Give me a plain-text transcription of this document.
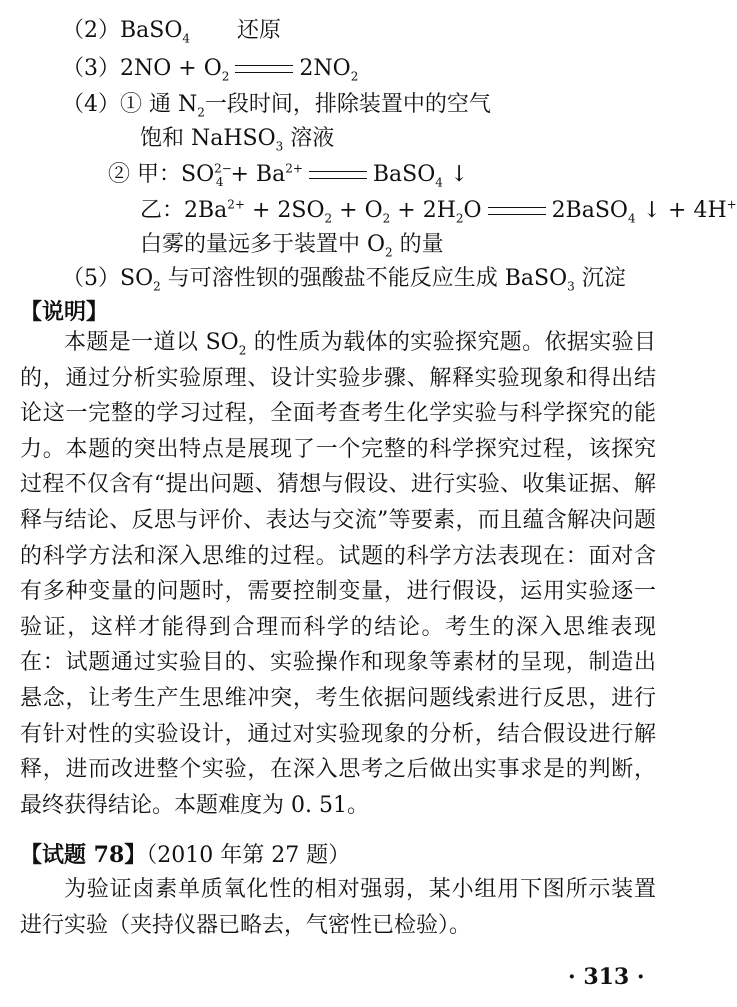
（2）BaSO$_4$ 还原
$(3)2NO + O_2$	$2NO_2$
（4）① 通 $N_2$一段时间，排除装置中的空气
饱和 NaHSO$_3$ 溶液
② 甲：$SO^{2-}_4 + Ba^{2+}$	BaSO$_4$ ↓
乙：$2Ba^{2+} + 2SO_2 + O_2 + 2H_2O$	2BaSO$_4$ ↓ + 4H+
白雾的量远多于装置中 $O_2$ 的量
$(5)SO_2$ 与可溶性钡的强酸盐不能反应生成 BaSO$_3$ 沉淀
【说明】
本题是一道以 $SO_2$ 的性质为载体的实验探究题。依据实验目的，通过分析实验原理、设计实验步骤、解释实验现象和得出结论这一完整的学习过程，全面考查考生化学实验与科学探究的能力。本题的突出特点是展现了一个完整的科学探究过程，该探究过程不仅含有“提出问题、猜想与假设、进行实验、收集证据、解释与结论、反思与评价、表达与交流”等要素，而且蕴含解决问题的科学方法和深入思维的过程。试题的科学方法表现在：面对含有多种变量的问题时，需要控制变量，进行假设，运用实验逐一验证，这样才能得到合理而科学的结论。考生的深入思维表现在：试题通过实验目的、实验操作和现象等素材的呈现，制造出悬念，让考生产生思维冲突，考生依据问题线索进行反思，进行有针对性的实验设计，通过对实验现象的分析，结合假设进行解释，进而改进整个实验，在深入思考之后做出实事求是的判断，最终获得结论。本题难度为 0. 51。
【试题 78】（2010 年第 27 题）
为验证卤素单质氧化性的相对强弱，某小组用下图所示装置进行实验（夹持仪器已略去，气密性已检验）。
· 313 ·
